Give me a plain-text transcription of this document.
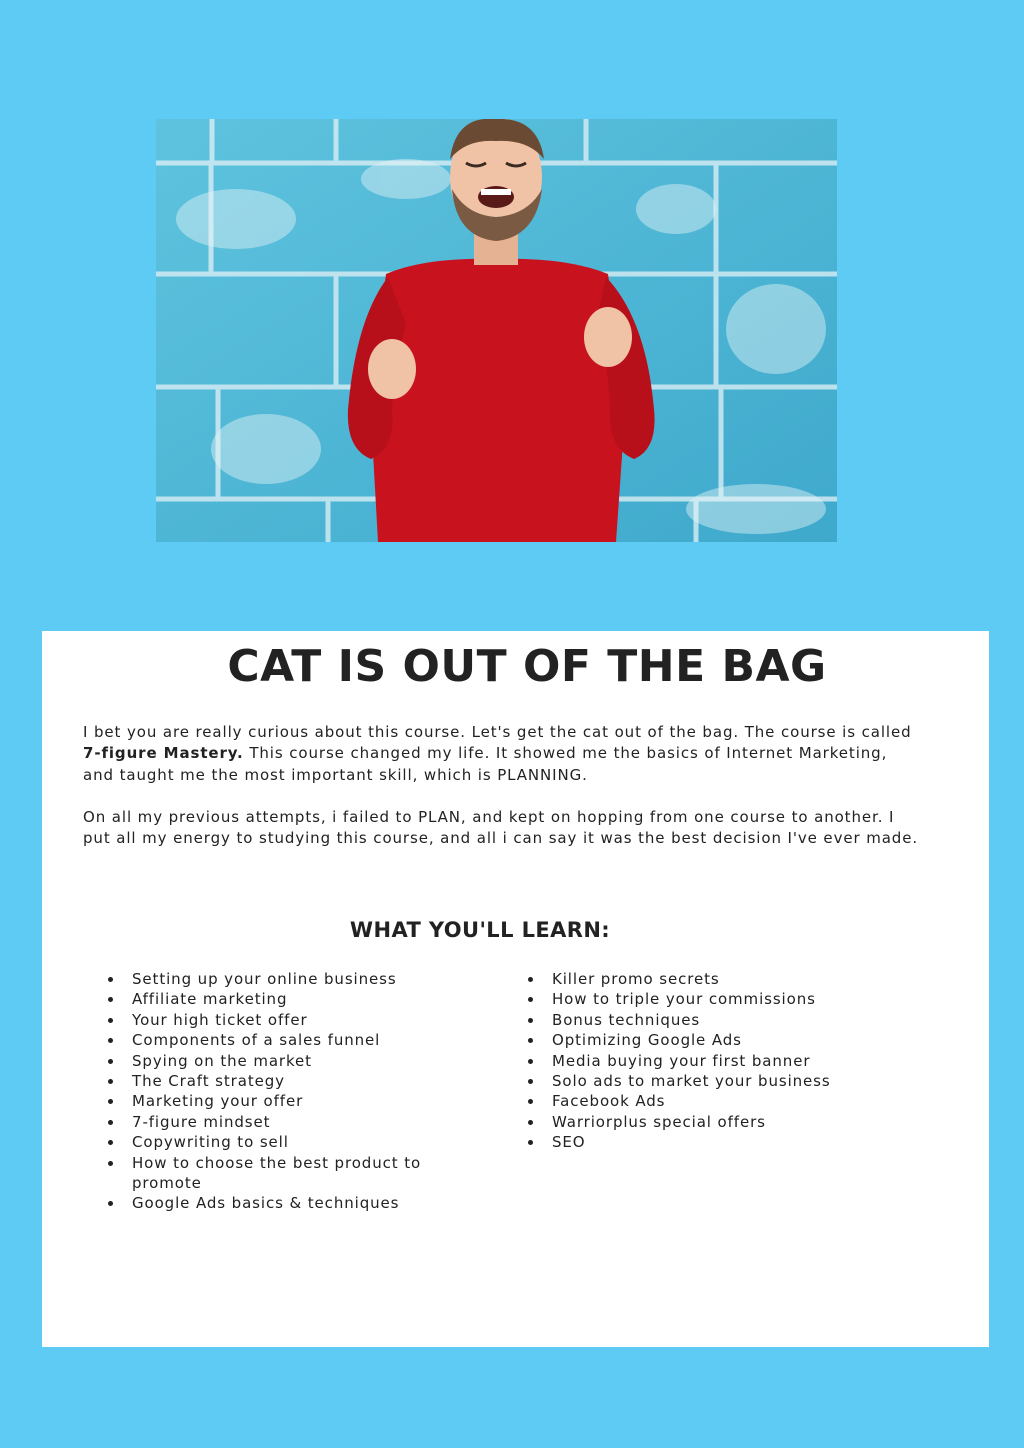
CAT IS OUT OF THE BAG

I bet you are really curious about this course. Let's get the cat out of the bag. The course is called 7-figure Mastery. This course changed my life. It showed me the basics of Internet Marketing, and taught me the most important skill, which is PLANNING.

On all my previous attempts, i failed to PLAN, and kept on hopping from one course to another. I put all my energy to studying this course, and all i can say it was the best decision I've ever made.

WHAT YOU'LL LEARN:
Setting up your online business
Affiliate marketing
Your high ticket offer
Components of a sales funnel
Spying on the market
The Craft strategy
Marketing your offer
7-figure mindset
Copywriting to sell
How to choose the best product to promote
Google Ads basics & techniques
Killer promo secrets
How to triple your commissions
Bonus techniques
Optimizing Google Ads
Media buying your first banner
Solo ads to market your business
Facebook Ads
Warriorplus special offers
SEO
